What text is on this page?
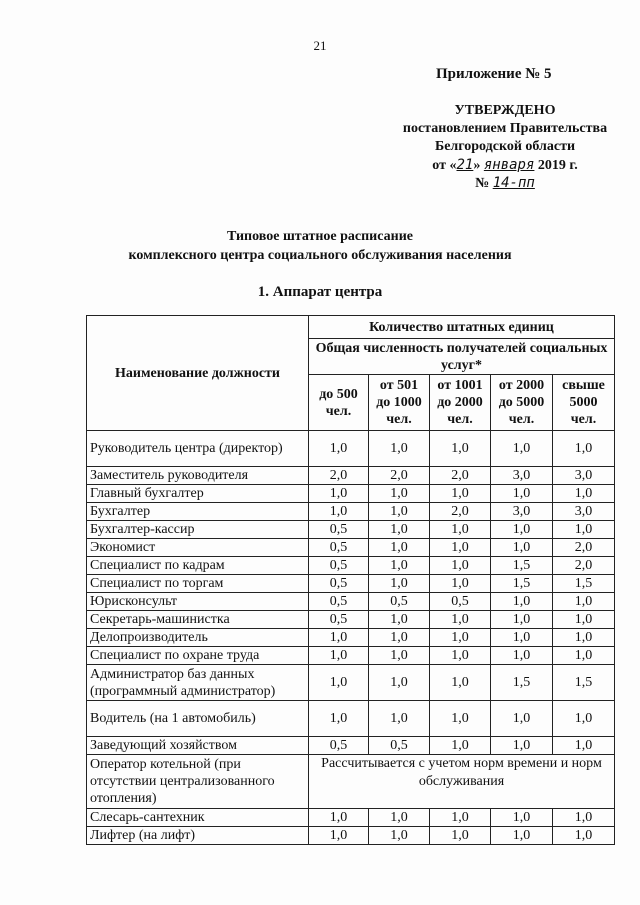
21
Приложение № 5
УТВЕРЖДЕНО
постановлением Правительства
Белгородской области
от «21» января 2019 г.
№ 14-пп
Типовое штатное расписание
комплексного центра социального обслуживания населения
1. Аппарат центра
Наименование должности	Количество штатных единиц				
	Общая численность получателей социальных услуг*				
	до 500 чел.	от 501 до 1000 чел.	от 1001 до 2000 чел.	от 2000 до 5000 чел.	свыше 5000 чел.
Руководитель центра (директор)	1,0	1,0	1,0	1,0	1,0
Заместитель руководителя	2,0	2,0	2,0	3,0	3,0
Главный бухгалтер	1,0	1,0	1,0	1,0	1,0
Бухгалтер	1,0	1,0	2,0	3,0	3,0
Бухгалтер-кассир	0,5	1,0	1,0	1,0	1,0
Экономист	0,5	1,0	1,0	1,0	2,0
Специалист по кадрам	0,5	1,0	1,0	1,5	2,0
Специалист по торгам	0,5	1,0	1,0	1,5	1,5
Юрисконсульт	0,5	0,5	0,5	1,0	1,0
Секретарь-машинистка	0,5	1,0	1,0	1,0	1,0
Делопроизводитель	1,0	1,0	1,0	1,0	1,0
Специалист по охране труда	1,0	1,0	1,0	1,0	1,0
Администратор баз данных (программный администратор)	1,0	1,0	1,0	1,5	1,5
Водитель (на 1 автомобиль)	1,0	1,0	1,0	1,0	1,0
Заведующий хозяйством	0,5	0,5	1,0	1,0	1,0
Оператор котельной (при отсутствии централизованного отопления)	Рассчитывается с учетом норм времени и норм обслуживания				
Слесарь-сантехник	1,0	1,0	1,0	1,0	1,0
Лифтер (на лифт)	1,0	1,0	1,0	1,0	1,0
